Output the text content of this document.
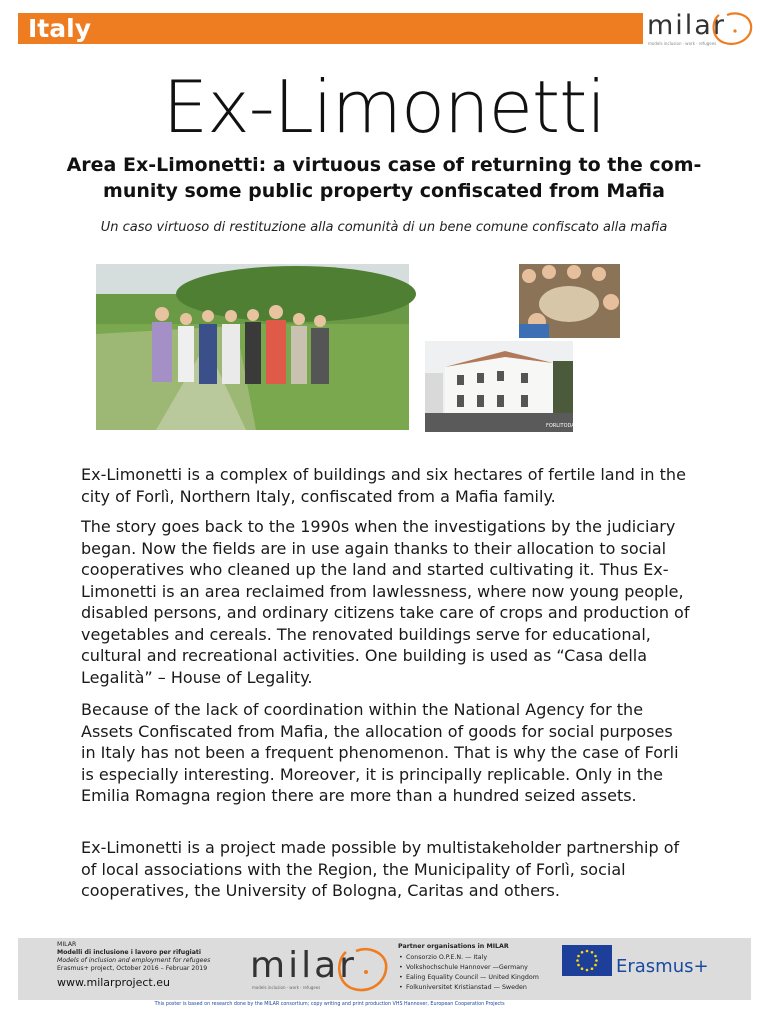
Italy	milar
models inclusion · work · refugees
Ex-Limonetti
Area Ex-Limonetti: a virtuous case of returning to the com-munity some public property confiscated from Mafia
Un caso virtuoso di restituzione alla comunità di un bene comune confiscato alla mafia
FORLITODAY

Ex-Limonetti is a complex of buildings and six hectares of fertile land in the city of Forlì, Northern Italy, confiscated from a Mafia family.

The story goes back to the 1990s when the investigations by the judiciary began. Now the fields are in use again thanks to their allocation to social cooperatives who cleaned up the land and started cultivating it. Thus Ex-Limonetti is an area reclaimed from lawlessness, where now young people, disabled persons, and ordinary citizens take care of crops and production of vegetables and cereals. The renovated buildings serve for educational, cultural and recreational activities. One building is used as “Casa della Legalità” – House of Legality.

Because of the lack of coordination within the National Agency for the Assets Confiscated from Mafia, the allocation of goods for social purposes in Italy has not been a frequent phenomenon. That is why the case of Forli is especially interesting. Moreover, it is principally replicable. Only in the Emilia Romagna region there are more than a hundred seized assets.

Ex-Limonetti is a project made possible by multistakeholder partnership of of local associations with the Region, the Municipality of Forlì, social cooperatives, the University of Bologna, Caritas and others.

MILAR
Modelli di inclusione i lavoro per rifugiati
Models of inclusion and employment for refugees
Erasmus+ project, October 2016 – Februar 2019
www.milarproject.eu	milar
models inclusion · work · refugees
Partner organisations in MILAR
• Consorzio O.P.E.N. — Italy
• Volkshochschule Hannover —Germany
• Ealing Equality Council — United Kingdom
• Folkuniversitet Kristianstad — Sweden
Erasmus+
This poster is based on research done by the MILAR consortium; copy writing and print production VHS Hannover, European Cooperation Projects
